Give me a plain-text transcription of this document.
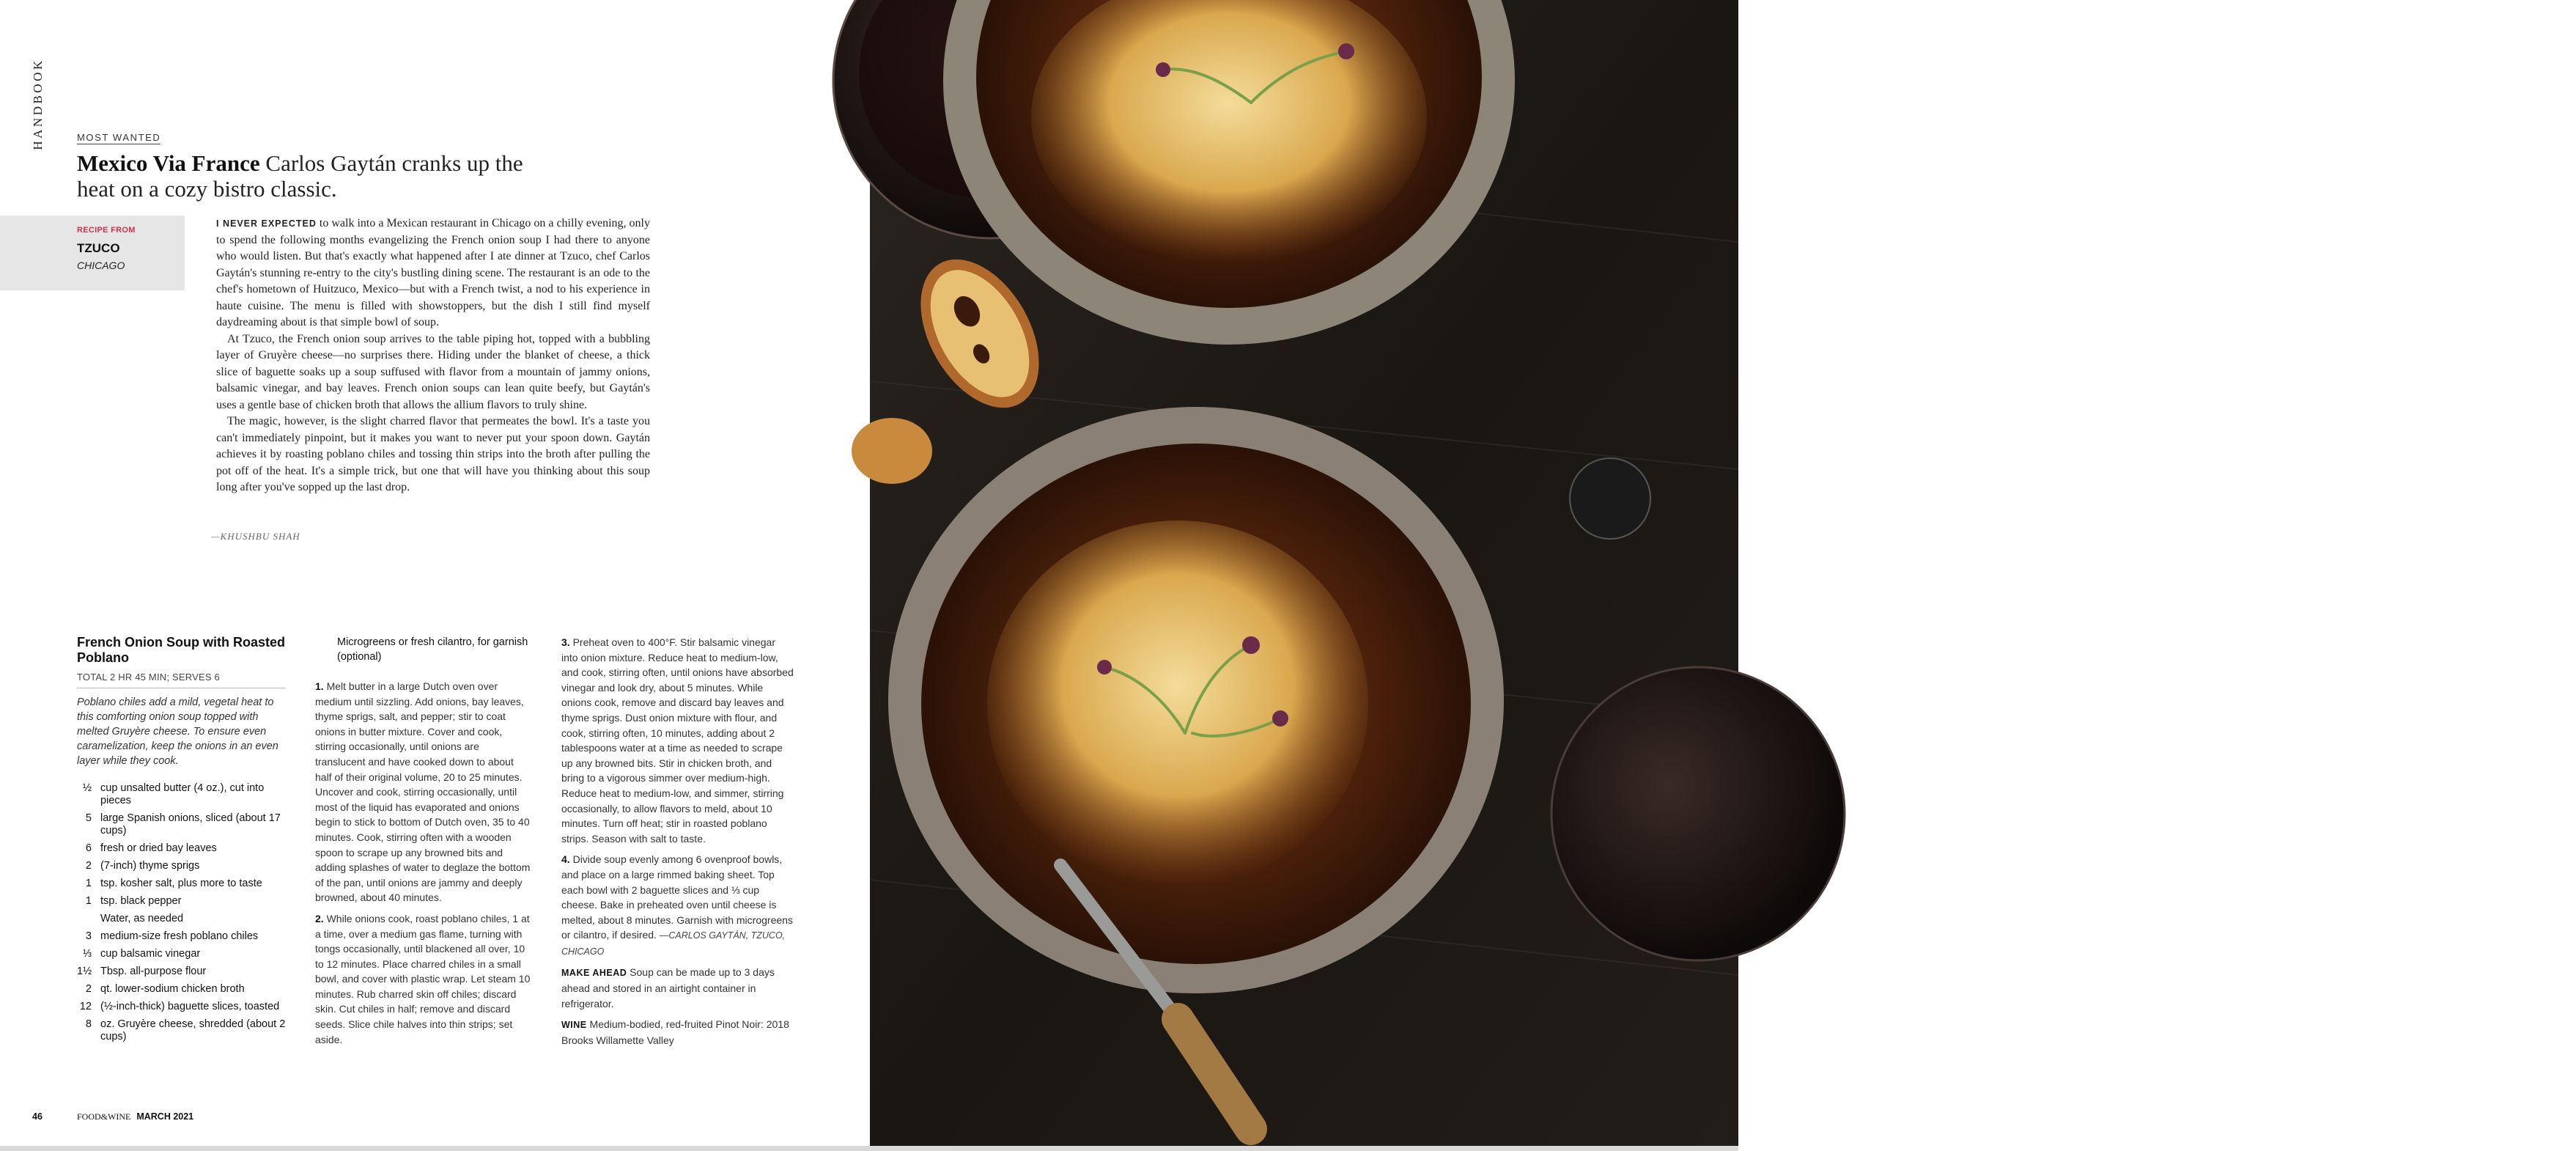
HANDBOOK	MOST WANTED
Mexico Via France Carlos Gaytán cranks up the heat on a cozy bistro classic.
RECIPE FROM
TZUCO
CHICAGO

I NEVER EXPECTED to walk into a Mexican restaurant in Chicago on a chilly evening, only to spend the following months evangelizing the French onion soup I had there to anyone who would listen. But that's exactly what happened after I ate dinner at Tzuco, chef Carlos Gaytán's stunning re-entry to the city's bustling dining scene. The restaurant is an ode to the chef's hometown of Huitzuco, Mexico—but with a French twist, a nod to his experience in haute cuisine. The menu is filled with showstoppers, but the dish I still find myself daydreaming about is that simple bowl of soup.

At Tzuco, the French onion soup arrives to the table piping hot, topped with a bubbling layer of Gruyère cheese—no surprises there. Hiding under the blanket of cheese, a thick slice of baguette soaks up a soup suffused with flavor from a mountain of jammy onions, balsamic vinegar, and bay leaves. French onion soups can lean quite beefy, but Gaytán's uses a gentle base of chicken broth that allows the allium flavors to truly shine.

The magic, however, is the slight charred flavor that permeates the bowl. It's a taste you can't immediately pinpoint, but it makes you want to never put your spoon down. Gaytán achieves it by roasting poblano chiles and tossing thin strips into the broth after pulling the pot off of the heat. It's a simple trick, but one that will have you thinking about this soup long after you've sopped up the last drop.

—KHUSHBU SHAH
French Onion Soup with Roasted Poblano
TOTAL 2 HR 45 MIN; SERVES 6
Poblano chiles add a mild, vegetal heat to this comforting onion soup topped with melted Gruyère cheese. To ensure even caramelization, keep the onions in an even layer while they cook.
½ cup unsalted butter (4 oz.), cut into pieces
5 large Spanish onions, sliced (about 17 cups)
6 fresh or dried bay leaves
2 (7-inch) thyme sprigs
1 tsp. kosher salt, plus more to taste
1 tsp. black pepper
Water, as needed
3 medium-size fresh poblano chiles
⅓ cup balsamic vinegar
1½ Tbsp. all-purpose flour
2 qt. lower-sodium chicken broth
12 (½-inch-thick) baguette slices, toasted
8 oz. Gruyère cheese, shredded (about 2 cups)
Microgreens or fresh cilantro, for garnish (optional)
1. Melt butter in a large Dutch oven over medium until sizzling. Add onions, bay leaves, thyme sprigs, salt, and pepper; stir to coat onions in butter mixture. Cover and cook, stirring occasionally, until onions are translucent and have cooked down to about half of their original volume, 20 to 25 minutes. Uncover and cook, stirring occasionally, until most of the liquid has evaporated and onions begin to stick to bottom of Dutch oven, 35 to 40 minutes. Cook, stirring often with a wooden spoon to scrape up any browned bits and adding splashes of water to deglaze the bottom of the pan, until onions are jammy and deeply browned, about 40 minutes.
2. While onions cook, roast poblano chiles, 1 at a time, over a medium gas flame, turning with tongs occasionally, until blackened all over, 10 to 12 minutes. Place charred chiles in a small bowl, and cover with plastic wrap. Let steam 10 minutes. Rub charred skin off chiles; discard skin. Cut chiles in half; remove and discard seeds. Slice chile halves into thin strips; set aside.
3. Preheat oven to 400°F. Stir balsamic vinegar into onion mixture. Reduce heat to medium-low, and cook, stirring often, until onions have absorbed vinegar and look dry, about 5 minutes. While onions cook, remove and discard bay leaves and thyme sprigs. Dust onion mixture with flour, and cook, stirring often, 10 minutes, adding about 2 tablespoons water at a time as needed to scrape up any browned bits. Stir in chicken broth, and bring to a vigorous simmer over medium-high. Reduce heat to medium-low, and simmer, stirring occasionally, to allow flavors to meld, about 10 minutes. Turn off heat; stir in roasted poblano strips. Season with salt to taste.
4. Divide soup evenly among 6 ovenproof bowls, and place on a large rimmed baking sheet. Top each bowl with 2 baguette slices and ⅓ cup cheese. Bake in preheated oven until cheese is melted, about 8 minutes. Garnish with microgreens or cilantro, if desired. —CARLOS GAYTÁN, TZUCO, CHICAGO
MAKE AHEAD Soup can be made up to 3 days ahead and stored in an airtight container in refrigerator.
WINE Medium-bodied, red-fruited Pinot Noir: 2018 Brooks Willamette Valley
46	FOOD&WINE MARCH 2021	MARCH 2021 FOOD&WINE
47
